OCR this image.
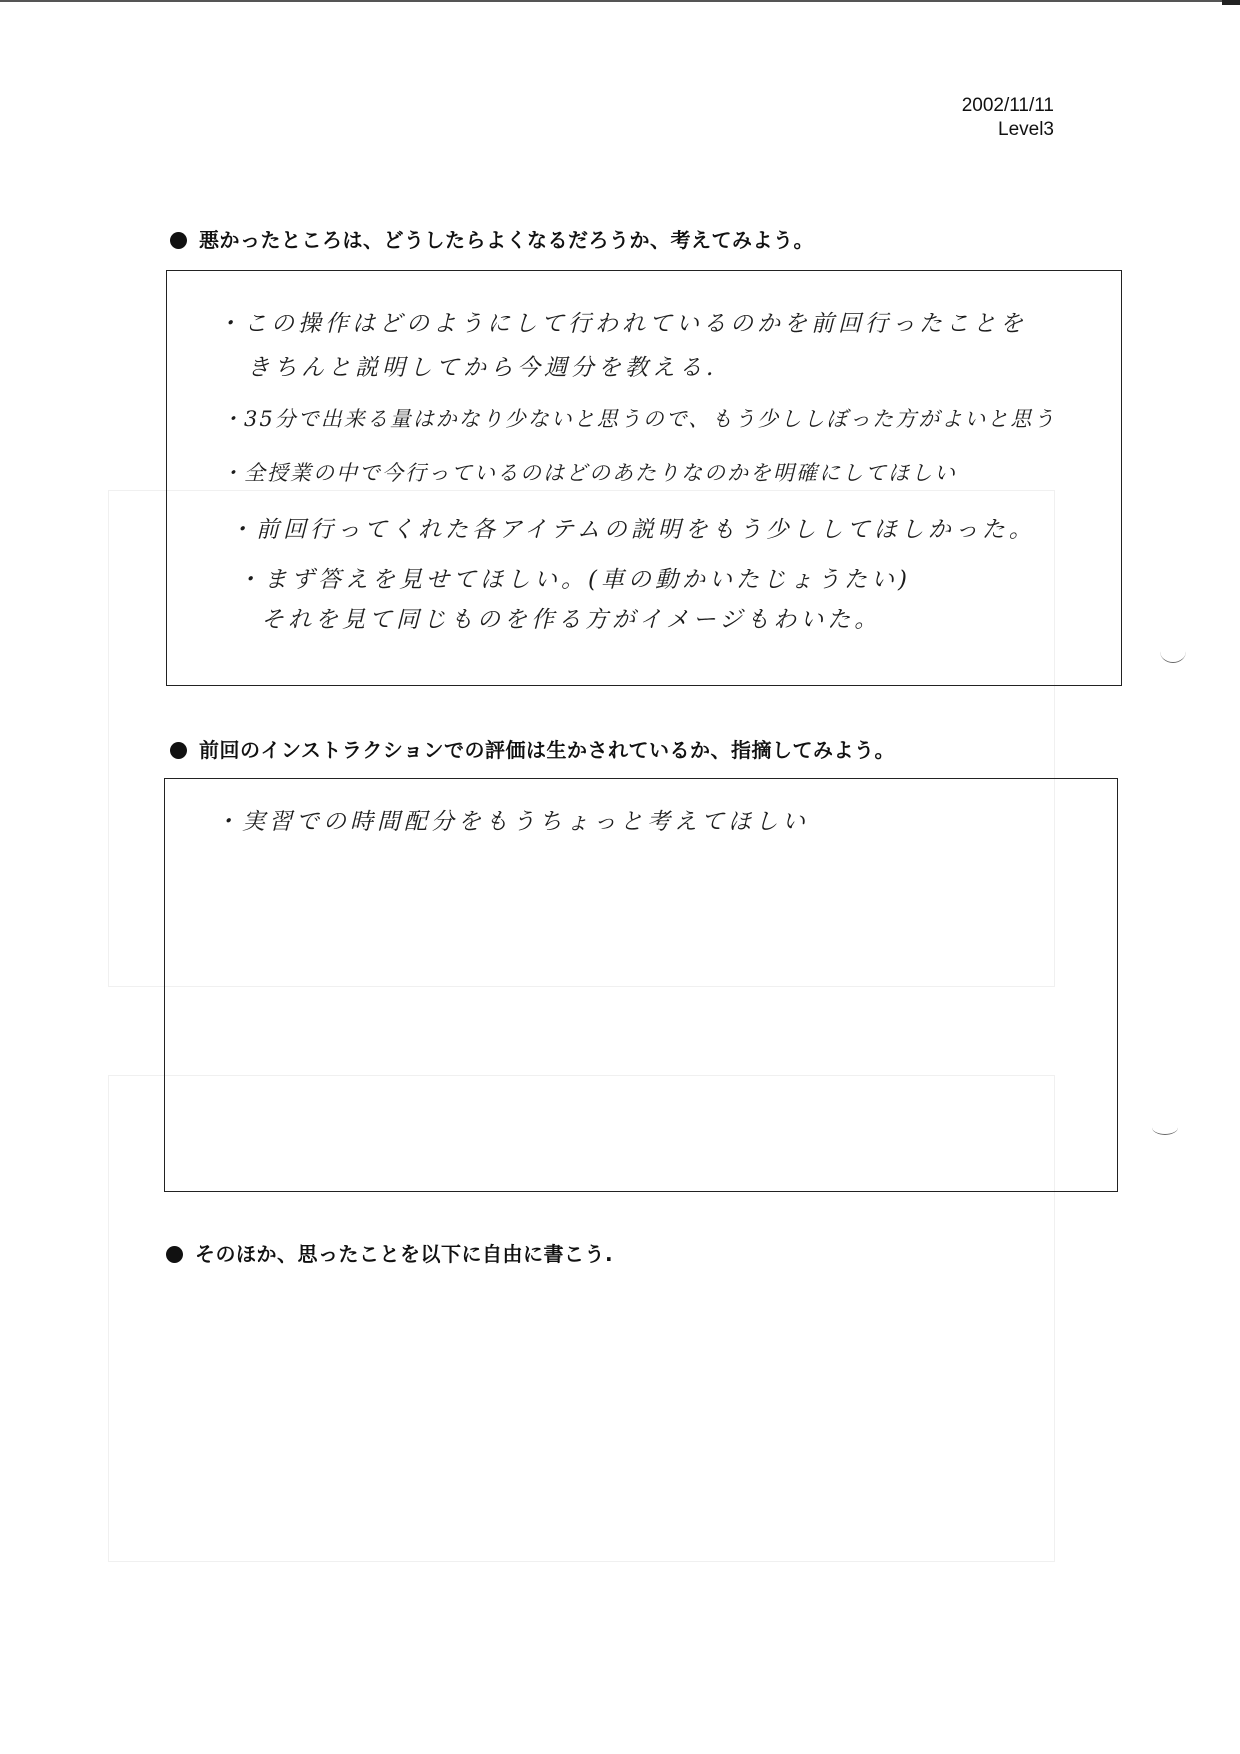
2002/11/11
Level3
悪かったところは、どうしたらよくなるだろうか、考えてみよう。
・この操作はどのようにして行われているのかを前回行ったことを
きちんと説明してから今週分を教える.
・35分で出来る量はかなり少ないと思うので、もう少ししぼった方がよいと思う
・全授業の中で今行っているのはどのあたりなのかを明確にしてほしい
・前回行ってくれた各アイテムの説明をもう少ししてほしかった。
・まず答えを見せてほしい。(車の動かいたじょうたい)
それを見て同じものを作る方がイメージもわいた。
前回のインストラクションでの評価は生かされているか、指摘してみよう。
・実習での時間配分をもうちょっと考えてほしい
そのほか、思ったことを以下に自由に書こう.
